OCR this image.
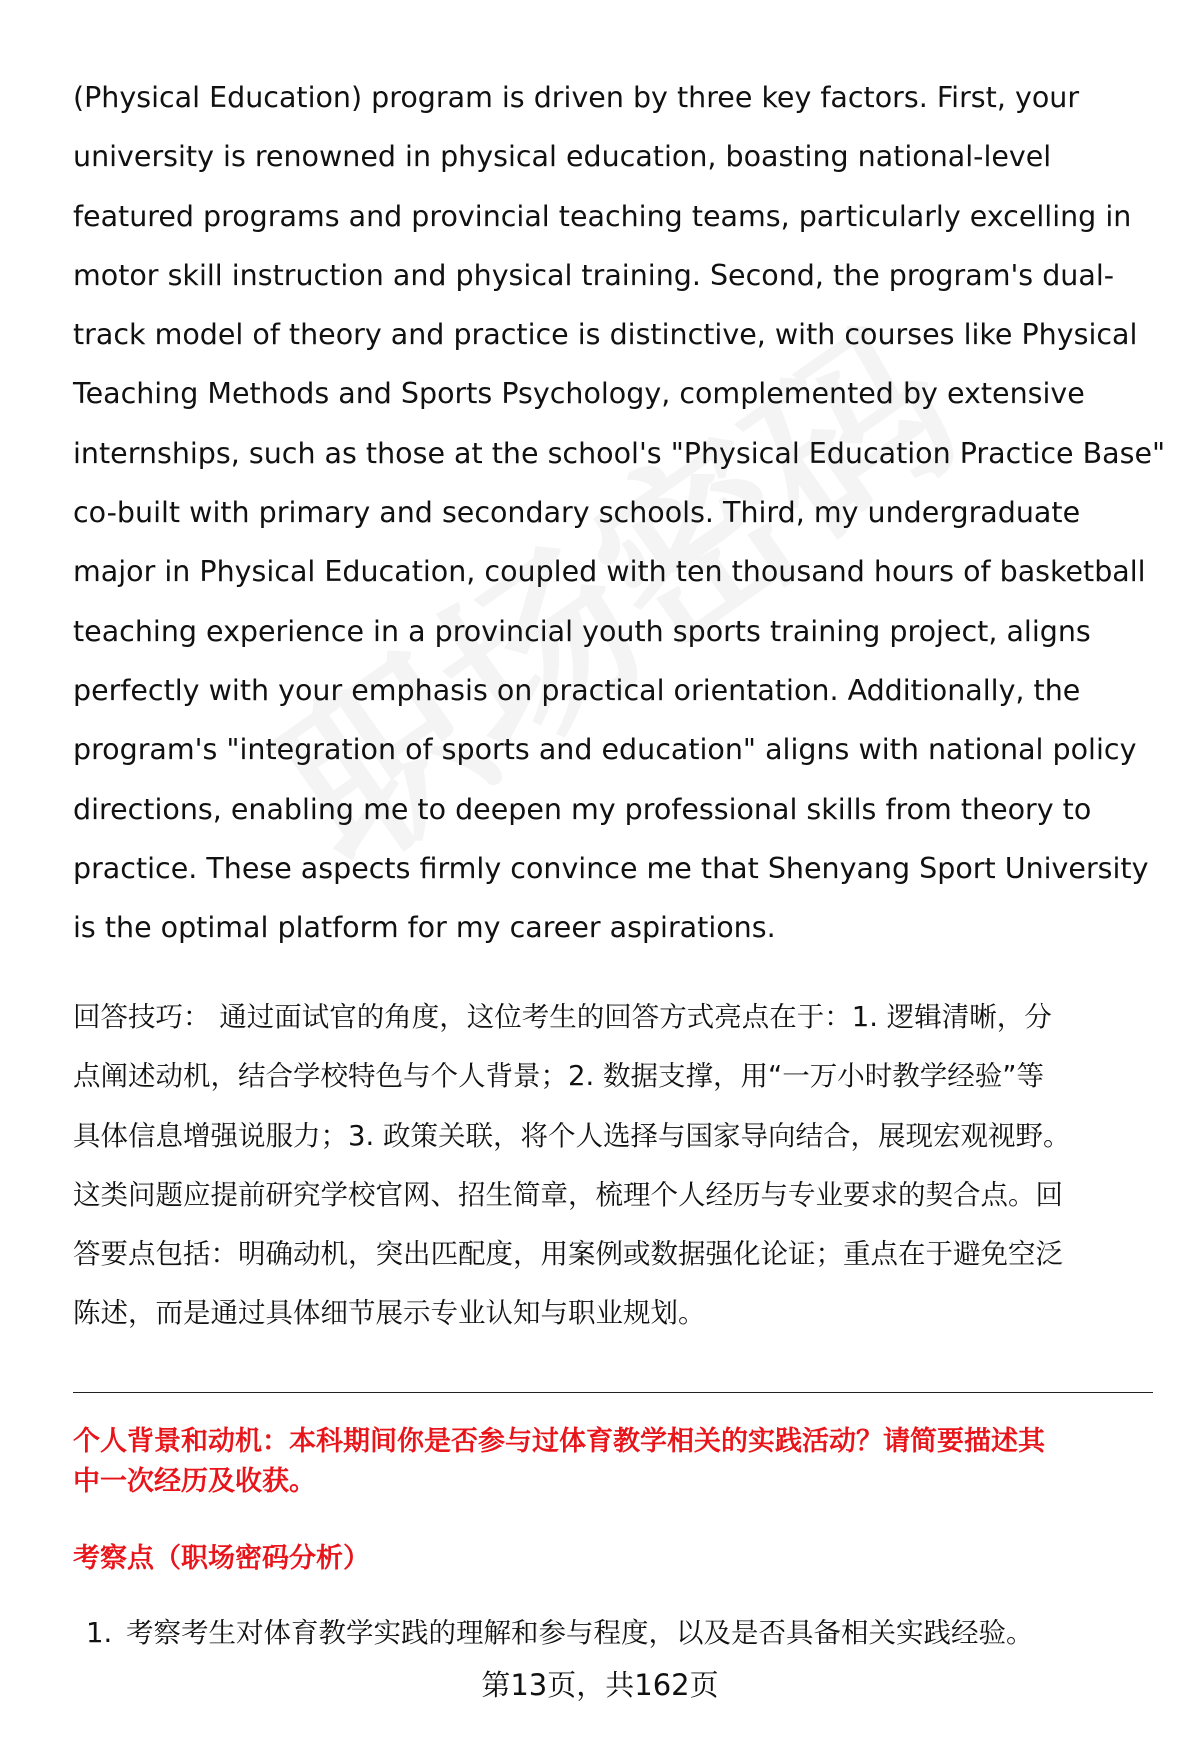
(Physical Education) program is driven by three key factors. First, your
university is renowned in physical education, boasting national-level
featured programs and provincial teaching teams, particularly excelling in
motor skill instruction and physical training. Second, the program's dual-
track model of theory and practice is distinctive, with courses like Physical
Teaching Methods and Sports Psychology, complemented by extensive
internships, such as those at the school's "Physical Education Practice Base"
co-built with primary and secondary schools. Third, my undergraduate
major in Physical Education, coupled with ten thousand hours of basketball
teaching experience in a provincial youth sports training project, aligns
perfectly with your emphasis on practical orientation. Additionally, the
program's "integration of sports and education" aligns with national policy
directions, enabling me to deepen my professional skills from theory to
practice. These aspects firmly convince me that Shenyang Sport University
is the optimal platform for my career aspirations.
回答技巧： 通过面试官的角度，这位考生的回答方式亮点在于：1. 逻辑清晰，分
点阐述动机，结合学校特色与个人背景；2. 数据支撑，用“一万小时教学经验”等
具体信息增强说服力；3. 政策关联，将个人选择与国家导向结合，展现宏观视野。
这类问题应提前研究学校官网、招生简章，梳理个人经历与专业要求的契合点。回
答要点包括：明确动机，突出匹配度，用案例或数据强化论证；重点在于避免空泛
陈述，而是通过具体细节展示专业认知与职业规划。
个人背景和动机：本科期间你是否参与过体育教学相关的实践活动？请简要描述其
中一次经历及收获。
考察点（职场密码分析）
1. 考察考生对体育教学实践的理解和参与程度，以及是否具备相关实践经验。
第13页，共162页
